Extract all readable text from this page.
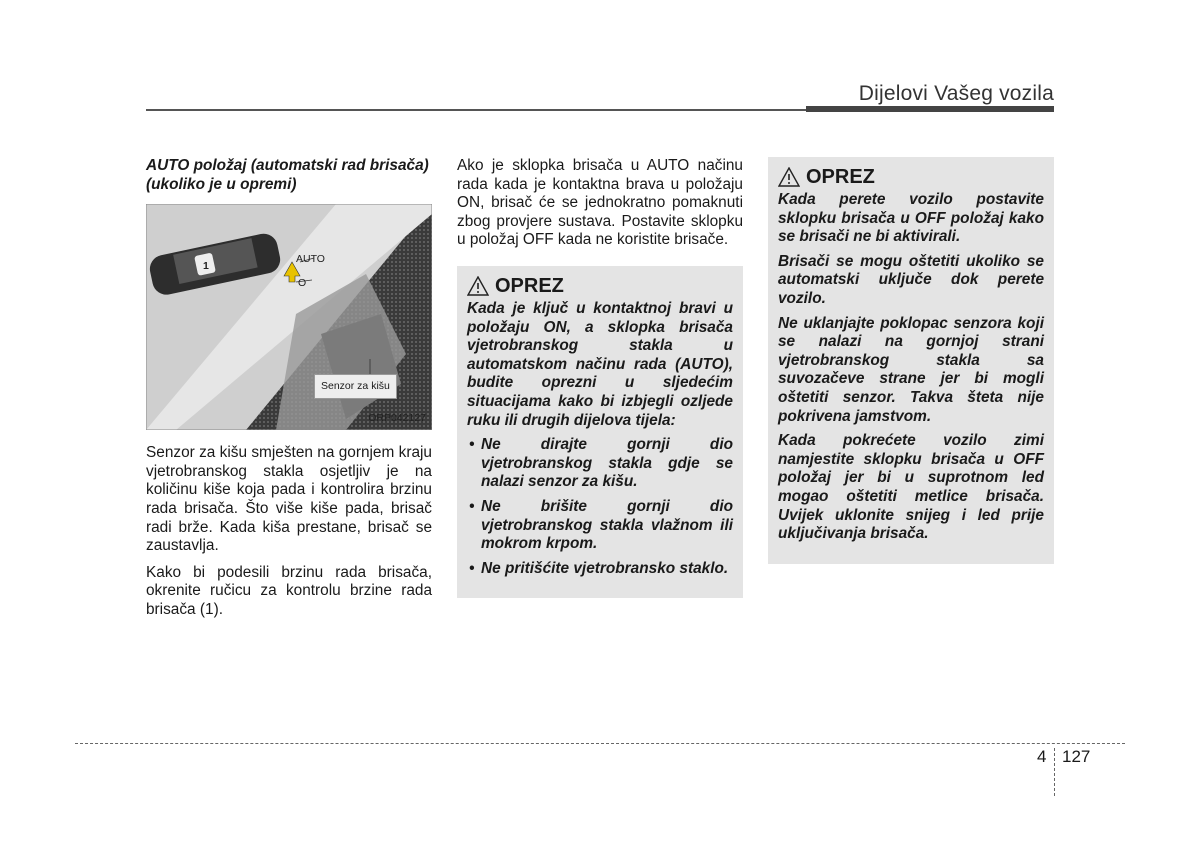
Dijelovi Vašeg vozila
AUTO položaj (automatski rad brisača) (ukoliko je u opremi)
AUTO
O
1
Senzor za kišu
ORP042127

Senzor za kišu smješten na gornjem kraju vjetrobranskog stakla osjetljiv je na količinu kiše koja pada i kontrolira brzinu rada brisača. Što više kiše pada, brisač radi brže. Kada kiša prestane, brisač se zaustavlja.

Kako bi podesili brzinu rada brisača, okrenite ručicu za kontrolu brzine rada brisača (1).

Ako je sklopka brisača u AUTO načinu rada kada je kontaktna brava u položaju ON, brisač će se jednokratno pomaknuti zbog provjere sustava. Postavite sklopku u položaj OFF kada ne koristite brisače.

OPREZ

Kada je ključ u kontaktnoj bravi u položaju ON, a sklopka brisača vjetrobranskog stakla u automatskom načinu rada (AUTO), budite oprezni u sljedećim situacijama kako bi izbjegli ozljede ruku ili drugih dijelova tijela:

• Ne dirajte gornji dio vjetrobranskog stakla gdje se nalazi senzor za kišu.
• Ne brišite gornji dio vjetrobranskog stakla vlažnom ili mokrom krpom.
• Ne pritišćite vjetrobransko staklo.
OPREZ

Kada perete vozilo postavite sklopku brisača u OFF položaj kako se brisači ne bi aktivirali.

Brisači se mogu oštetiti ukoliko se automatski uključe dok perete vozilo.

Ne uklanjajte poklopac senzora koji se nalazi na gornjoj strani vjetrobranskog stakla sa suvozačeve strane jer bi mogli oštetiti senzor. Takva šteta nije pokrivena jamstvom.

Kada pokrećete vozilo zimi namjestite sklopku brisača u OFF položaj jer bi u suprotnom led mogao oštetiti metlice brisača. Uvijek uklonite snijeg i led prije uključivanja brisača.

4 127
